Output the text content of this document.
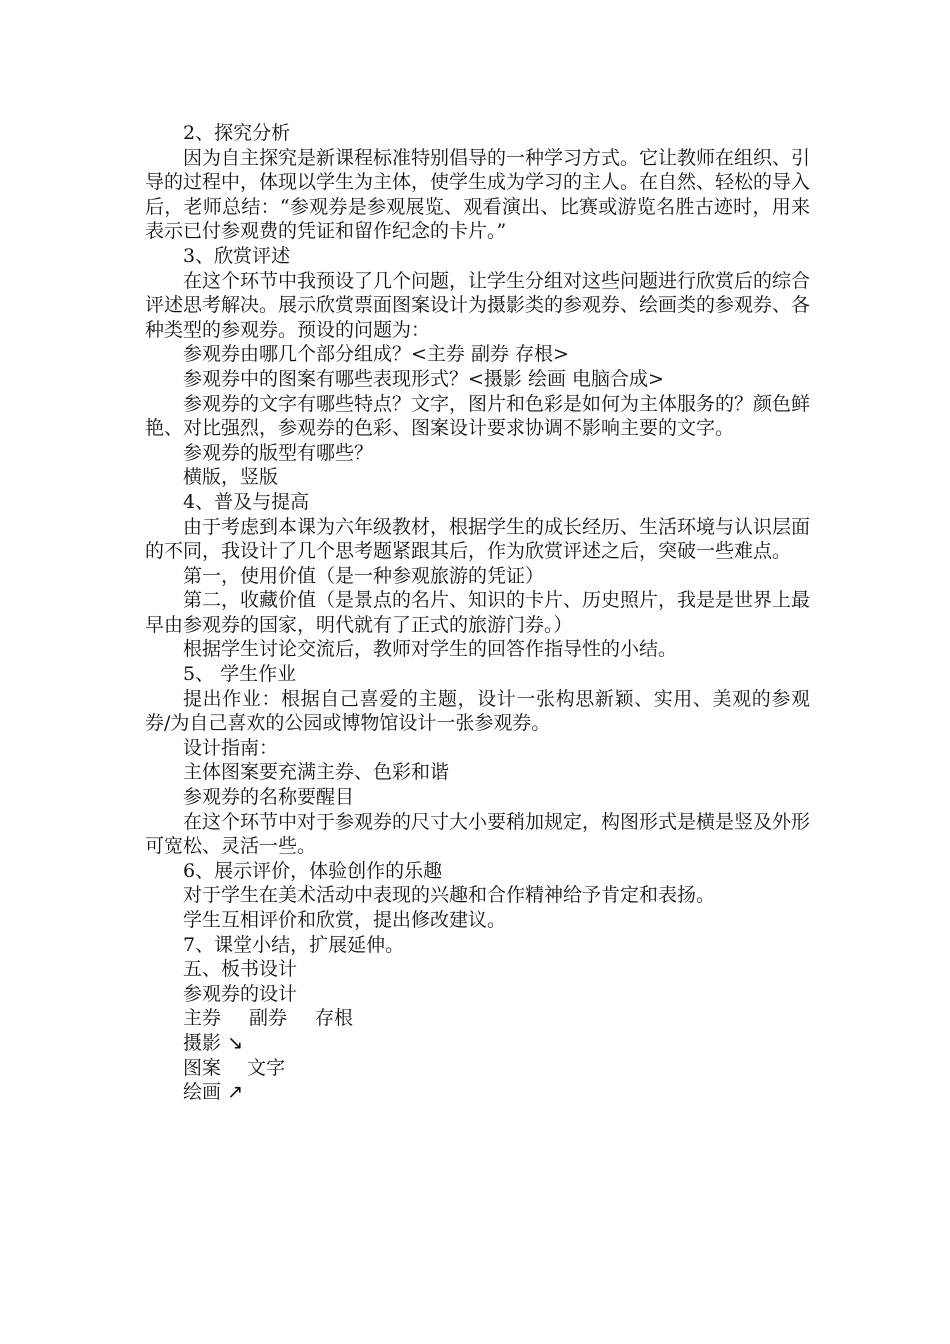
2、探究分析

因为自主探究是新课程标准特别倡导的一种学习方式。它让教师在组织、引导的过程中，体现以学生为主体，使学生成为学习的主人。在自然、轻松的导入后，老师总结：“参观券是参观展览、观看演出、比赛或游览名胜古迹时，用来表示已付参观费的凭证和留作纪念的卡片。”

3、欣赏评述

在这个环节中我预设了几个问题，让学生分组对这些问题进行欣赏后的综合评述思考解决。展示欣赏票面图案设计为摄影类的参观券、绘画类的参观券、各种类型的参观券。预设的问题为：

参观券由哪几个部分组成？<主券 副券 存根>

参观券中的图案有哪些表现形式？<摄影 绘画 电脑合成>

参观券的文字有哪些特点？文字，图片和色彩是如何为主体服务的？颜色鲜艳、对比强烈，参观券的色彩、图案设计要求协调不影响主要的文字。

参观券的版型有哪些？

横版，竖版

4、普及与提高

由于考虑到本课为六年级教材，根据学生的成长经历、生活环境与认识层面的不同，我设计了几个思考题紧跟其后，作为欣赏评述之后，突破一些难点。

第一，使用价值（是一种参观旅游的凭证）

第二，收藏价值（是景点的名片、知识的卡片、历史照片，我是是世界上最早由参观券的国家，明代就有了正式的旅游门券。）

根据学生讨论交流后，教师对学生的回答作指导性的小结。

5、 学生作业

提出作业：根据自己喜爱的主题，设计一张构思新颖、实用、美观的参观券/为自己喜欢的公园或博物馆设计一张参观券。

设计指南：

主体图案要充满主券、色彩和谐

参观券的名称要醒目

在这个环节中对于参观券的尺寸大小要稍加规定，构图形式是横是竖及外形可宽松、灵活一些。

6、展示评价，体验创作的乐趣

对于学生在美术活动中表现的兴趣和合作精神给予肯定和表扬。

学生互相评价和欣赏，提出修改建议。

7、课堂小结，扩展延伸。

五、板书设计

参观券的设计

主券 副券 存根

摄影 ↘

图案 文字

绘画 ↗
